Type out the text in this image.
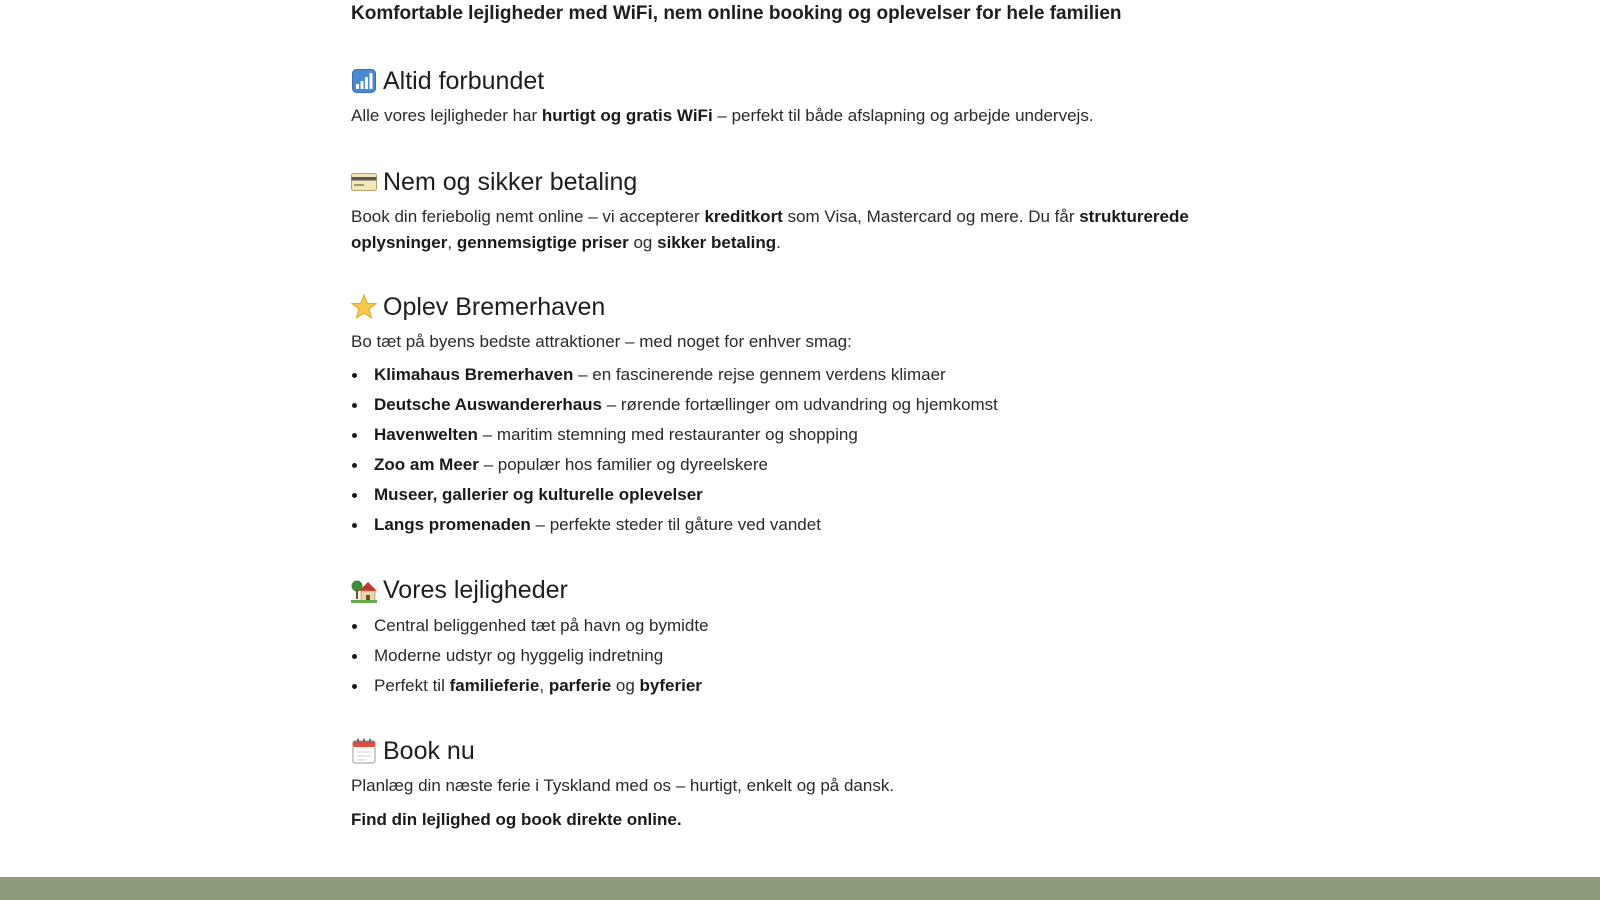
Komfortable lejligheder med WiFi, nem online booking og oplevelser for hele familien

Altid forbundet

Alle vores lejligheder har hurtigt og gratis WiFi – perfekt til både afslapning og arbejde undervejs.

Nem og sikker betaling

Book din feriebolig nemt online – vi accepterer kreditkort som Visa, Mastercard og mere. Du får strukturerede oplysninger, gennemsigtige priser og sikker betaling.

Oplev Bremerhaven

Bo tæt på byens bedste attraktioner – med noget for enhver smag:

Klimahaus Bremerhaven – en fascinerende rejse gennem verdens klimaer
Deutsche Auswandererhaus – rørende fortællinger om udvandring og hjemkomst
Havenwelten – maritim stemning med restauranter og shopping
Zoo am Meer – populær hos familier og dyreelskere
Museer, gallerier og kulturelle oplevelser
Langs promenaden – perfekte steder til gåture ved vandet
Vores lejligheder
Central beliggenhed tæt på havn og bymidte
Moderne udstyr og hyggelig indretning
Perfekt til familieferie, parferie og byferier
Book nu

Planlæg din næste ferie i Tyskland med os – hurtigt, enkelt og på dansk.

Find din lejlighed og book direkte online.
